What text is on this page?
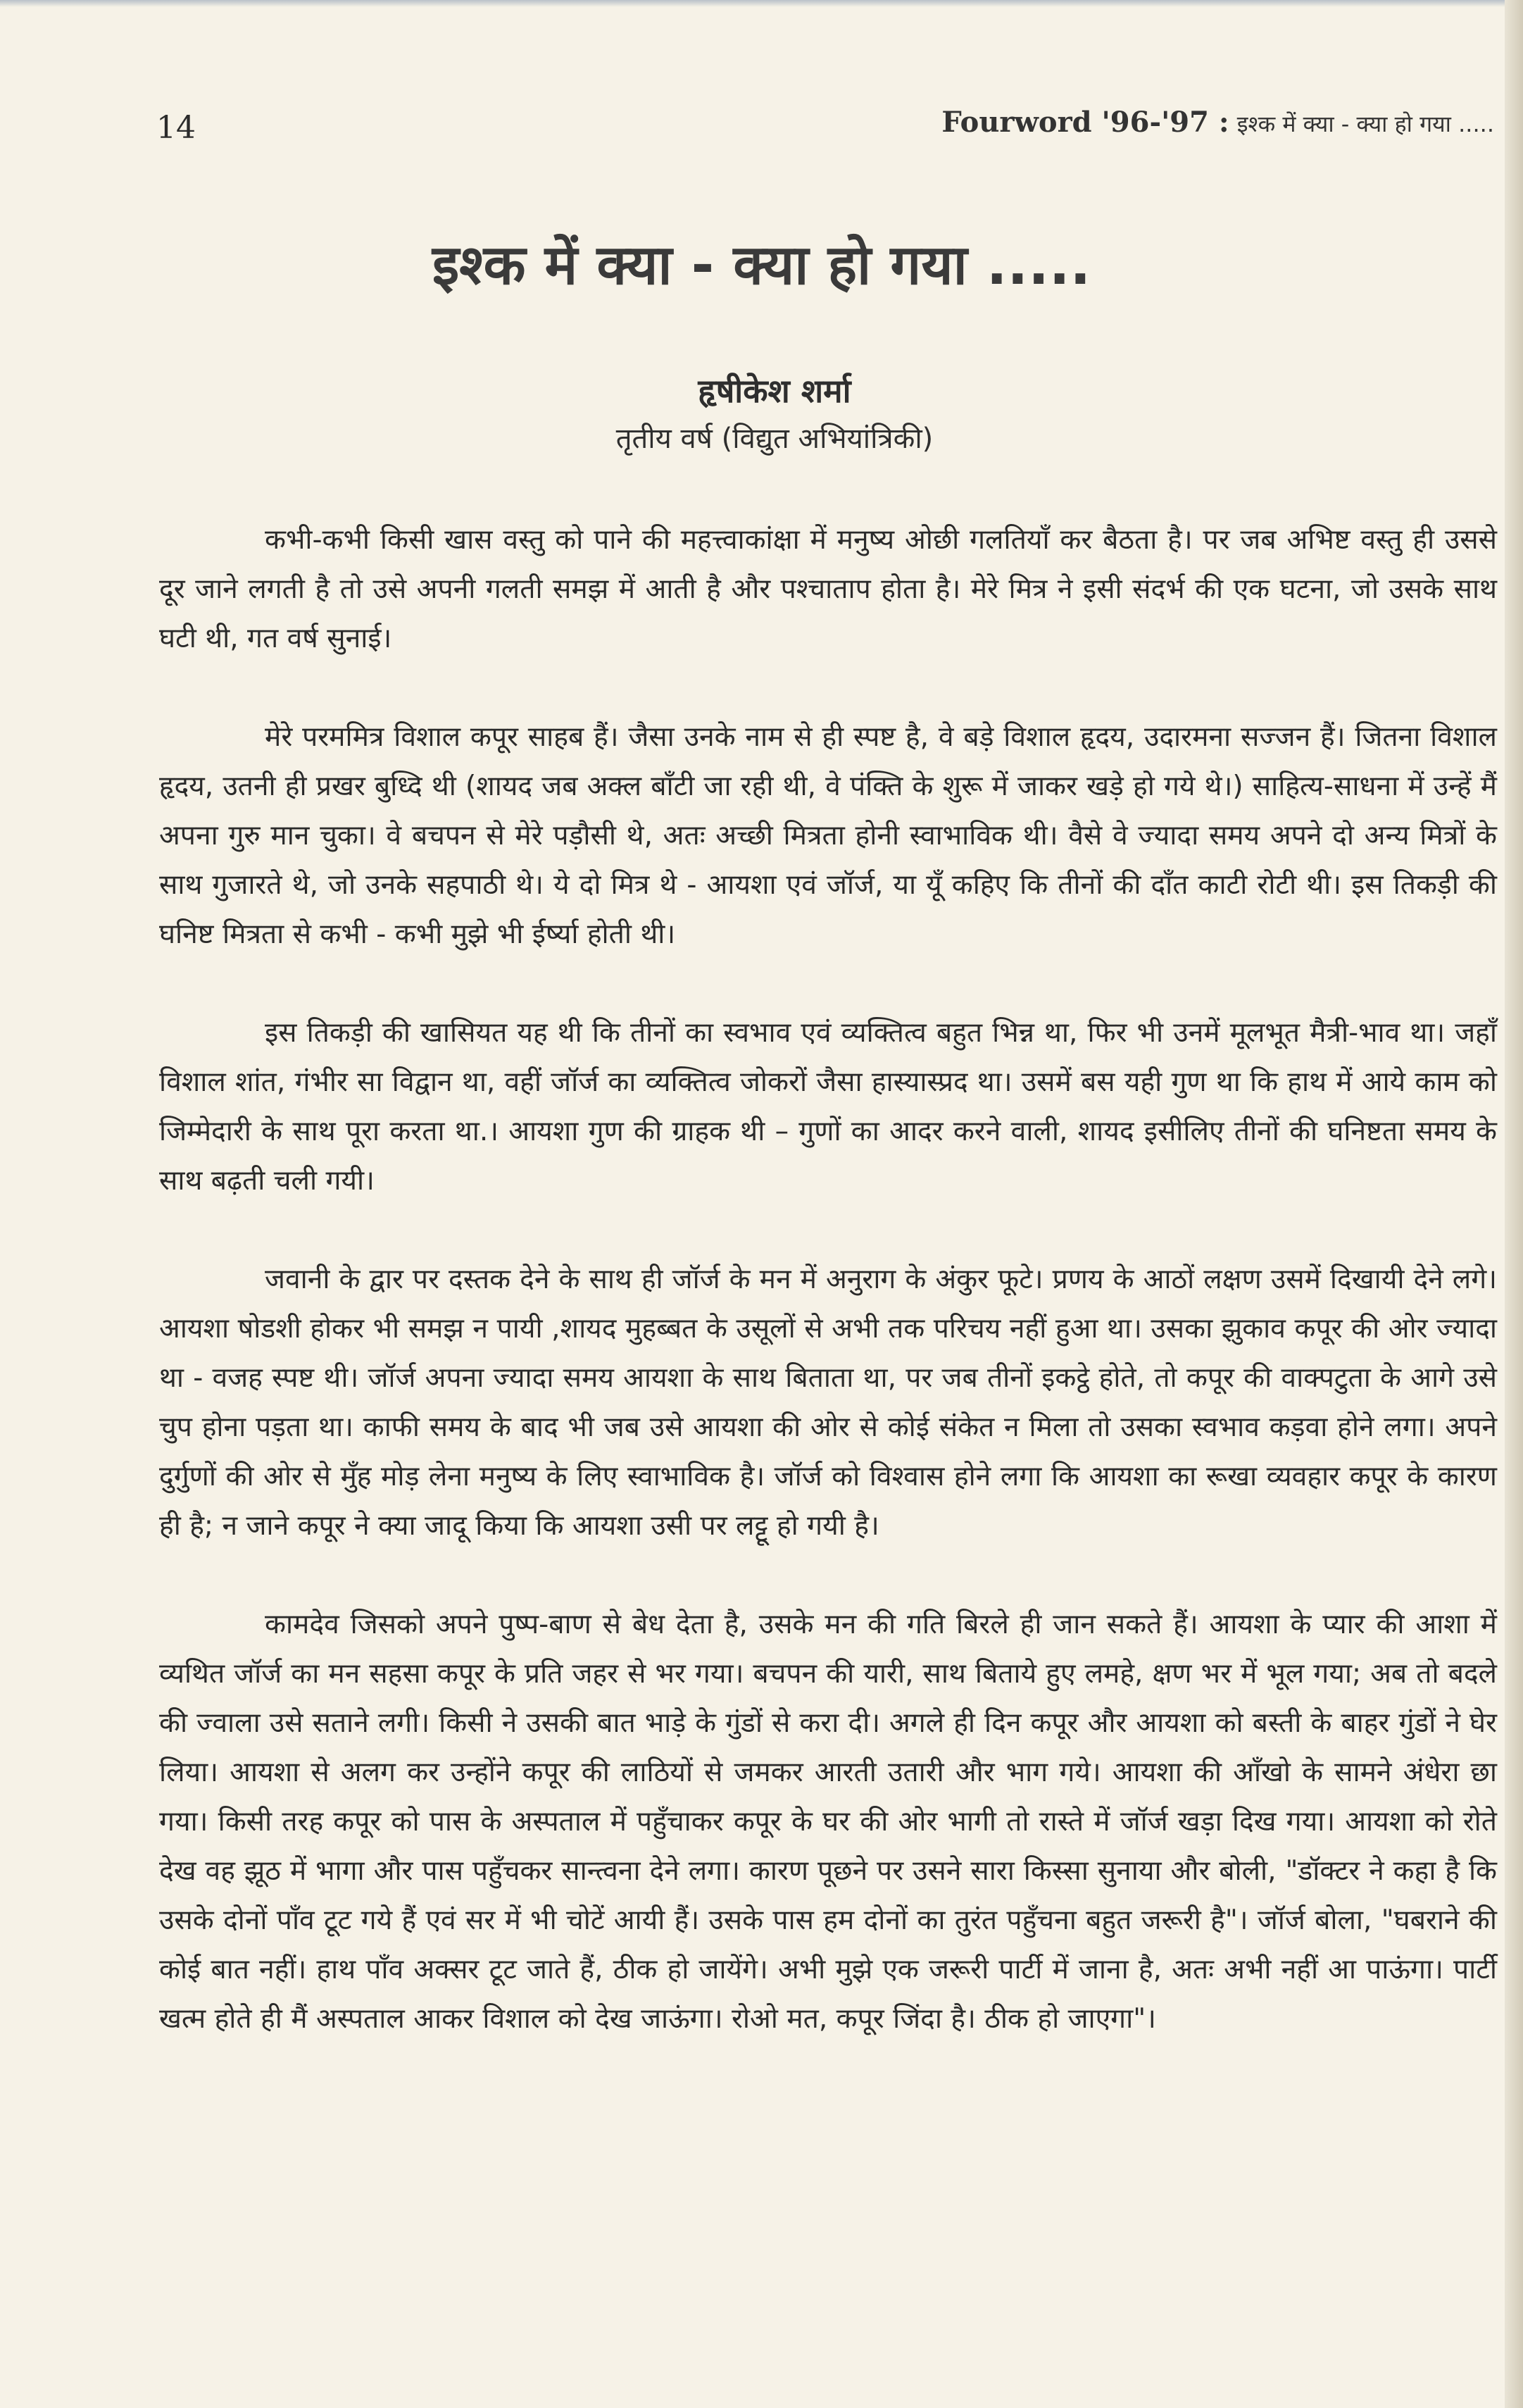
14	Fourword '96-'97 : इश्क में क्या - क्या हो गया .....
इश्क में क्या - क्या हो गया .....

हृषीकेश शर्मा

तृतीय वर्ष (विद्युत अभियांत्रिकी)

कभी-कभी किसी खास वस्तु को पाने की महत्त्वाकांक्षा में मनुष्य ओछी गलतियाँ कर बैठता है। पर जब अभिष्ट वस्तु ही उससे दूर जाने लगती है तो उसे अपनी गलती समझ में आती है और पश्चाताप होता है। मेरे मित्र ने इसी संदर्भ की एक घटना, जो उसके साथ घटी थी, गत वर्ष सुनाई।

मेरे परममित्र विशाल कपूर साहब हैं। जैसा उनके नाम से ही स्पष्ट है, वे बड़े विशाल हृदय, उदारमना सज्जन हैं। जितना विशाल हृदय, उतनी ही प्रखर बुध्दि थी (शायद जब अक्ल बाँटी जा रही थी, वे पंक्ति के शुरू में जाकर खड़े हो गये थे।) साहित्य-साधना में उन्हें मैं अपना गुरु मान चुका। वे बचपन से मेरे पड़ौसी थे, अतः अच्छी मित्रता होनी स्वाभाविक थी। वैसे वे ज्यादा समय अपने दो अन्य मित्रों के साथ गुजारते थे, जो उनके सहपाठी थे। ये दो मित्र थे - आयशा एवं जॉर्ज, या यूँ कहिए कि तीनों की दाँत काटी रोटी थी। इस तिकड़ी की घनिष्ट मित्रता से कभी - कभी मुझे भी ईर्ष्या होती थी।

इस तिकड़ी की खासियत यह थी कि तीनों का स्वभाव एवं व्यक्तित्व बहुत भिन्न था, फिर भी उनमें मूलभूत मैत्री-भाव था। जहाँ विशाल शांत, गंभीर सा विद्वान था, वहीं जॉर्ज का व्यक्तित्व जोकरों जैसा हास्यास्प्रद था। उसमें बस यही गुण था कि हाथ में आये काम को जिम्मेदारी के साथ पूरा करता था.। आयशा गुण की ग्राहक थी – गुणों का आदर करने वाली, शायद इसीलिए तीनों की घनिष्टता समय के साथ बढ़ती चली गयी।

जवानी के द्वार पर दस्तक देने के साथ ही जॉर्ज के मन में अनुराग के अंकुर फूटे। प्रणय के आठों लक्षण उसमें दिखायी देने लगे। आयशा षोडशी होकर भी समझ न पायी ,शायद मुहब्बत के उसूलों से अभी तक परिचय नहीं हुआ था। उसका झुकाव कपूर की ओर ज्यादा था - वजह स्पष्ट थी। जॉर्ज अपना ज्यादा समय आयशा के साथ बिताता था, पर जब तीनों इकट्ठे होते, तो कपूर की वाक्पटुता के आगे उसे चुप होना पड़ता था। काफी समय के बाद भी जब उसे आयशा की ओर से कोई संकेत न मिला तो उसका स्वभाव कड़वा होने लगा। अपने दुर्गुणों की ओर से मुँह मोड़ लेना मनुष्य के लिए स्वाभाविक है। जॉर्ज को विश्वास होने लगा कि आयशा का रूखा व्यवहार कपूर के कारण ही है; न जाने कपूर ने क्या जादू किया कि आयशा उसी पर लट्टू हो गयी है।

कामदेव जिसको अपने पुष्प-बाण से बेध देता है, उसके मन की गति बिरले ही जान सकते हैं। आयशा के प्यार की आशा में व्यथित जॉर्ज का मन सहसा कपूर के प्रति जहर से भर गया। बचपन की यारी, साथ बिताये हुए लमहे, क्षण भर में भूल गया; अब तो बदले की ज्वाला उसे सताने लगी। किसी ने उसकी बात भाड़े के गुंडों से करा दी। अगले ही दिन कपूर और आयशा को बस्ती के बाहर गुंडों ने घेर लिया। आयशा से अलग कर उन्होंने कपूर की लाठियों से जमकर आरती उतारी और भाग गये। आयशा की आँखो के सामने अंधेरा छा गया। किसी तरह कपूर को पास के अस्पताल में पहुँचाकर कपूर के घर की ओर भागी तो रास्ते में जॉर्ज खड़ा दिख गया। आयशा को रोते देख वह झूठ में भागा और पास पहुँचकर सान्त्वना देने लगा। कारण पूछने पर उसने सारा किस्सा सुनाया और बोली, "डॉक्टर ने कहा है कि उसके दोनों पाँव टूट गये हैं एवं सर में भी चोटें आयी हैं। उसके पास हम दोनों का तुरंत पहुँचना बहुत जरूरी है"। जॉर्ज बोला, "घबराने की कोई बात नहीं। हाथ पाँव अक्सर टूट जाते हैं, ठीक हो जायेंगे। अभी मुझे एक जरूरी पार्टी में जाना है, अतः अभी नहीं आ पाऊंगा। पार्टी खत्म होते ही मैं अस्पताल आकर विशाल को देख जाऊंगा। रोओ मत, कपूर जिंदा है। ठीक हो जाएगा"।
